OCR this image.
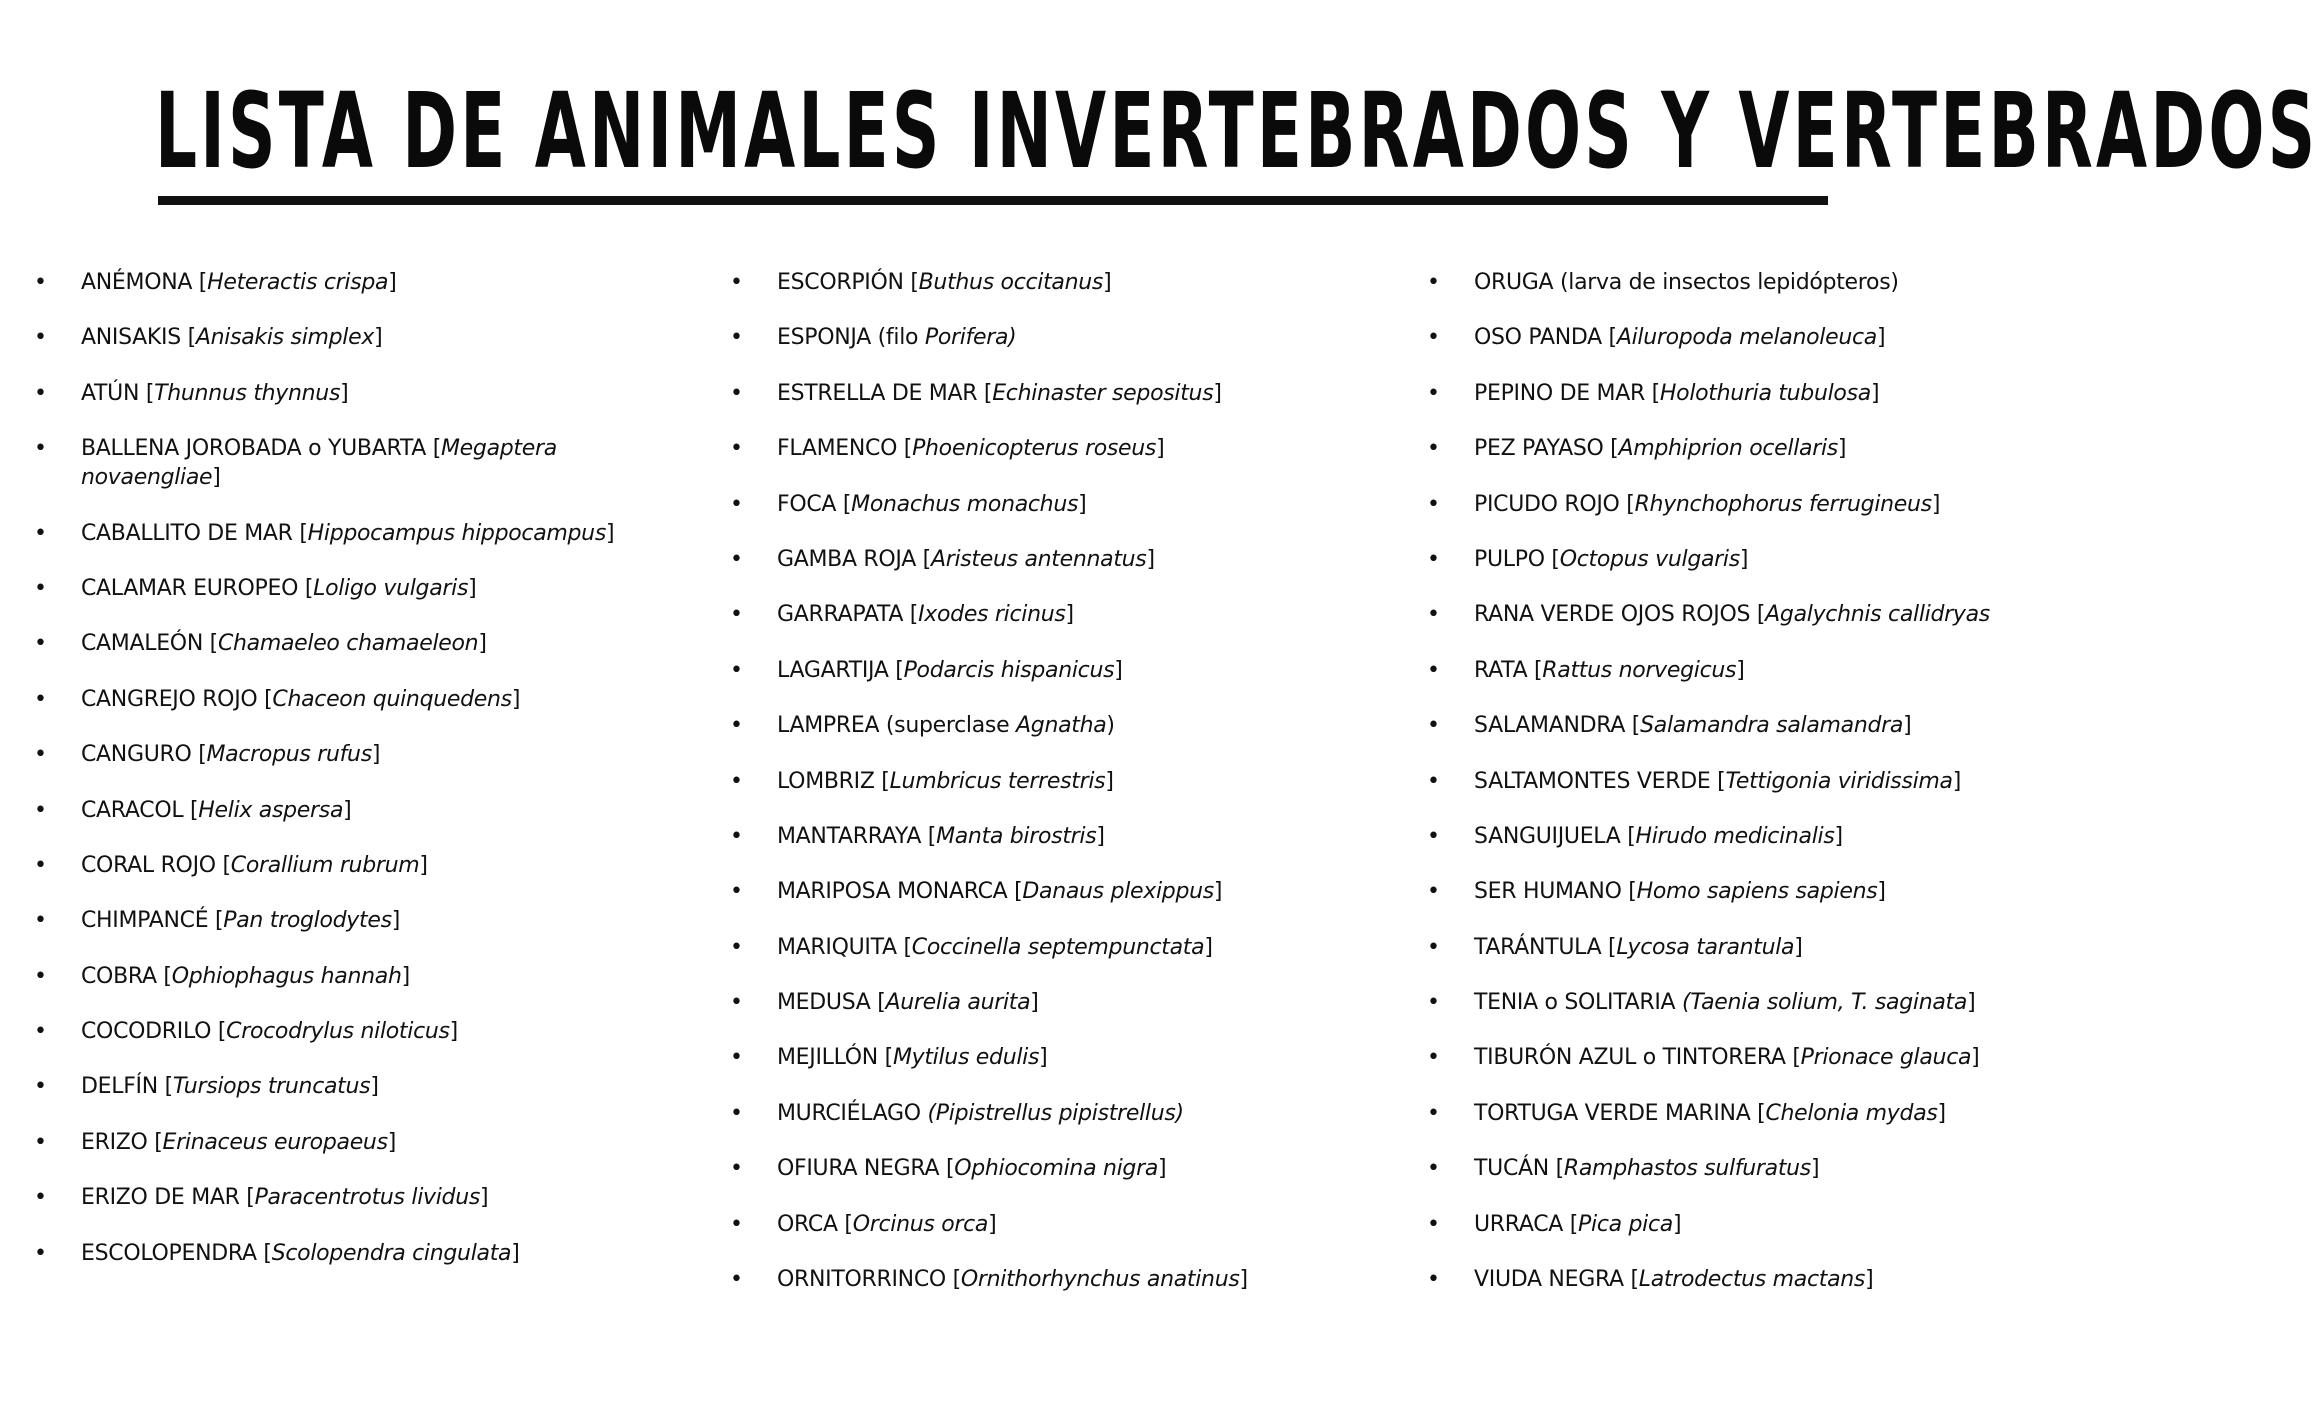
LISTA DE ANIMALES INVERTEBRADOS Y VERTEBRADOS
• ANÉMONA [Heteractis crispa]
• ANISAKIS [Anisakis simplex]
• ATÚN [Thunnus thynnus]
• BALLENA JOROBADA o YUBARTA [Megaptera novaengliae]
• CABALLITO DE MAR [Hippocampus hippocampus]
• CALAMAR EUROPEO [Loligo vulgaris]
• CAMALEÓN [Chamaeleo chamaeleon]
• CANGREJO ROJO [Chaceon quinquedens]
• CANGURO [Macropus rufus]
• CARACOL [Helix aspersa]
• CORAL ROJO [Corallium rubrum]
• CHIMPANCÉ [Pan troglodytes]
• COBRA [Ophiophagus hannah]
• COCODRILO [Crocodrylus niloticus]
• DELFÍN [Tursiops truncatus]
• ERIZO [Erinaceus europaeus]
• ERIZO DE MAR [Paracentrotus lividus]
• ESCOLOPENDRA [Scolopendra cingulata]
• ESCORPIÓN [Buthus occitanus]
• ESPONJA (filo Porifera)
• ESTRELLA DE MAR [Echinaster sepositus]
• FLAMENCO [Phoenicopterus roseus]
• FOCA [Monachus monachus]
• GAMBA ROJA [Aristeus antennatus]
• GARRAPATA [Ixodes ricinus]
• LAGARTIJA [Podarcis hispanicus]
• LAMPREA (superclase Agnatha)
• LOMBRIZ [Lumbricus terrestris]
• MANTARRAYA [Manta birostris]
• MARIPOSA MONARCA [Danaus plexippus]
• MARIQUITA [Coccinella septempunctata]
• MEDUSA [Aurelia aurita]
• MEJILLÓN [Mytilus edulis]
• MURCIÉLAGO (Pipistrellus pipistrellus)
• OFIURA NEGRA [Ophiocomina nigra]
• ORCA [Orcinus orca]
• ORNITORRINCO [Ornithorhynchus anatinus]
• ORUGA (larva de insectos lepidópteros)
• OSO PANDA [Ailuropoda melanoleuca]
• PEPINO DE MAR [Holothuria tubulosa]
• PEZ PAYASO [Amphiprion ocellaris]
• PICUDO ROJO [Rhynchophorus ferrugineus]
• PULPO [Octopus vulgaris]
• RANA VERDE OJOS ROJOS [Agalychnis callidryas
• RATA [Rattus norvegicus]
• SALAMANDRA [Salamandra salamandra]
• SALTAMONTES VERDE [Tettigonia viridissima]
• SANGUIJUELA [Hirudo medicinalis]
• SER HUMANO [Homo sapiens sapiens]
• TARÁNTULA [Lycosa tarantula]
• TENIA o SOLITARIA (Taenia solium, T. saginata]
• TIBURÓN AZUL o TINTORERA [Prionace glauca]
• TORTUGA VERDE MARINA [Chelonia mydas]
• TUCÁN [Ramphastos sulfuratus]
• URRACA [Pica pica]
• VIUDA NEGRA [Latrodectus mactans]
